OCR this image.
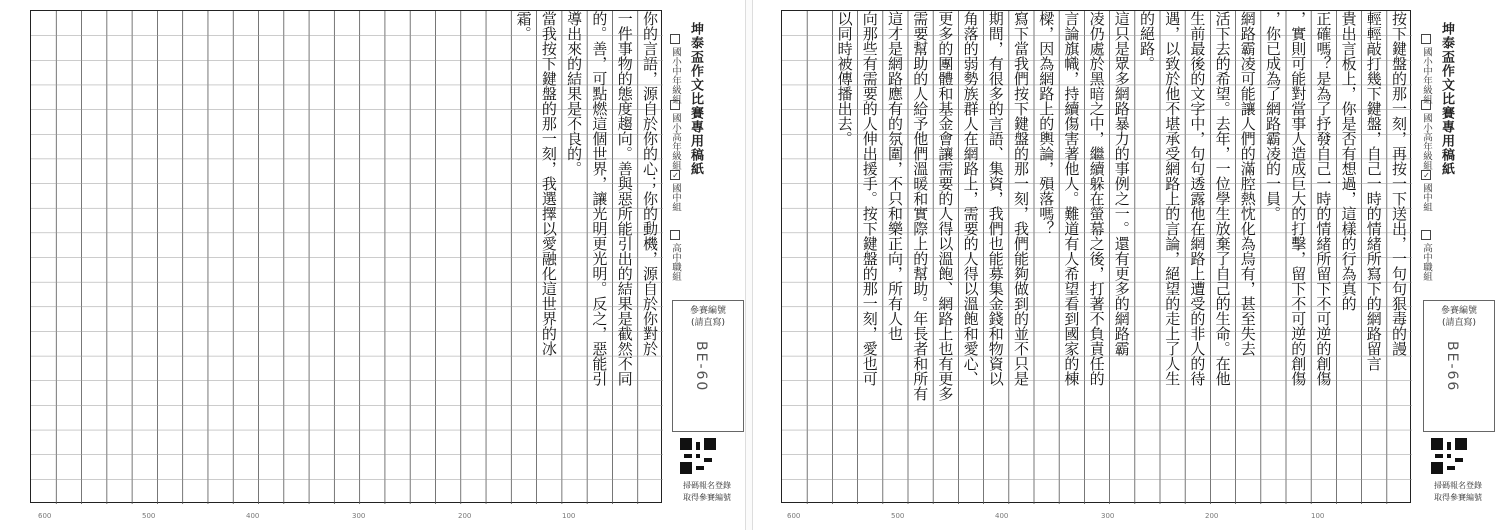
你的言語，源自於你的心；你的動機，源自於你對於
一件事物的態度趨向。善與惡所能引出的結果是截然不同
的。善，可點燃這個世界，讓光明更光明。反之，惡能引
導出來的結果是不良的。
當我按下鍵盤的那一刻，我選擇以愛融化這世界的冰
霜。
600	500	400	300	200	100
坤泰盃作文比賽專用稿紙
國小中年級組
國小高年級組
✓國中組
高中職組
參賽編號
(請直寫)
BE-60
掃碼報名登錄
取得參賽編號
按下鍵盤的那一刻，再按一下送出，一句句狠毒的謾
輕輕敲打幾下鍵盤，自己一時的情緒所寫下的網路留言
貴出言板上，你是否有想過，這樣的行為真的
正確嗎？是為了抒發自己一時的情緒所留下不可逆的創傷
，實則可能對當事人造成巨大的打擊，留下不可逆的創傷
，你已成為了網路霸凌的一員。
網路霸凌可能讓人們的滿腔熱忱化為烏有，甚至失去
活下去的希望。去年，一位學生放棄了自己的生命。在他
生前最後的文字中，句句透露他在網路上遭受的非人的待
遇，以致於他不堪承受網路上的言論，絕望的走上了人生
的絕路。
這只是眾多網路暴力的事例之一。還有更多的網路霸
凌仍處於黑暗之中，繼續躲在螢幕之後，打著不負責任的
言論旗幟，持續傷害著他人。難道有人希望看到國家的棟
樑，因為網路上的輿論，殞落嗎？
寫下當我們按下鍵盤的那一刻，我們能夠做到的並不只是
期間，有很多的言語、集資，我們也能募集金錢和物資以
角落的弱勢族群人在網路上，需要的人得以溫飽和愛心、
更多的團體和基金會讓需要的人得以溫飽、網路上也有更多
需要幫助的人給予他們溫暖和實際上的幫助。年長者和所有
這才是網路應有的氛圍，不只和樂正向，所有人也
向那些有需要的人伸出援手。按下鍵盤的那一刻，愛也可
以同時被傳播出去。
600	500	400	300	200	100
坤泰盃作文比賽專用稿紙
國小中年級組
國小高年級組
✓國中組
高中職組
參賽編號
(請直寫)
BE-66
掃碼報名登錄
取得參賽編號
